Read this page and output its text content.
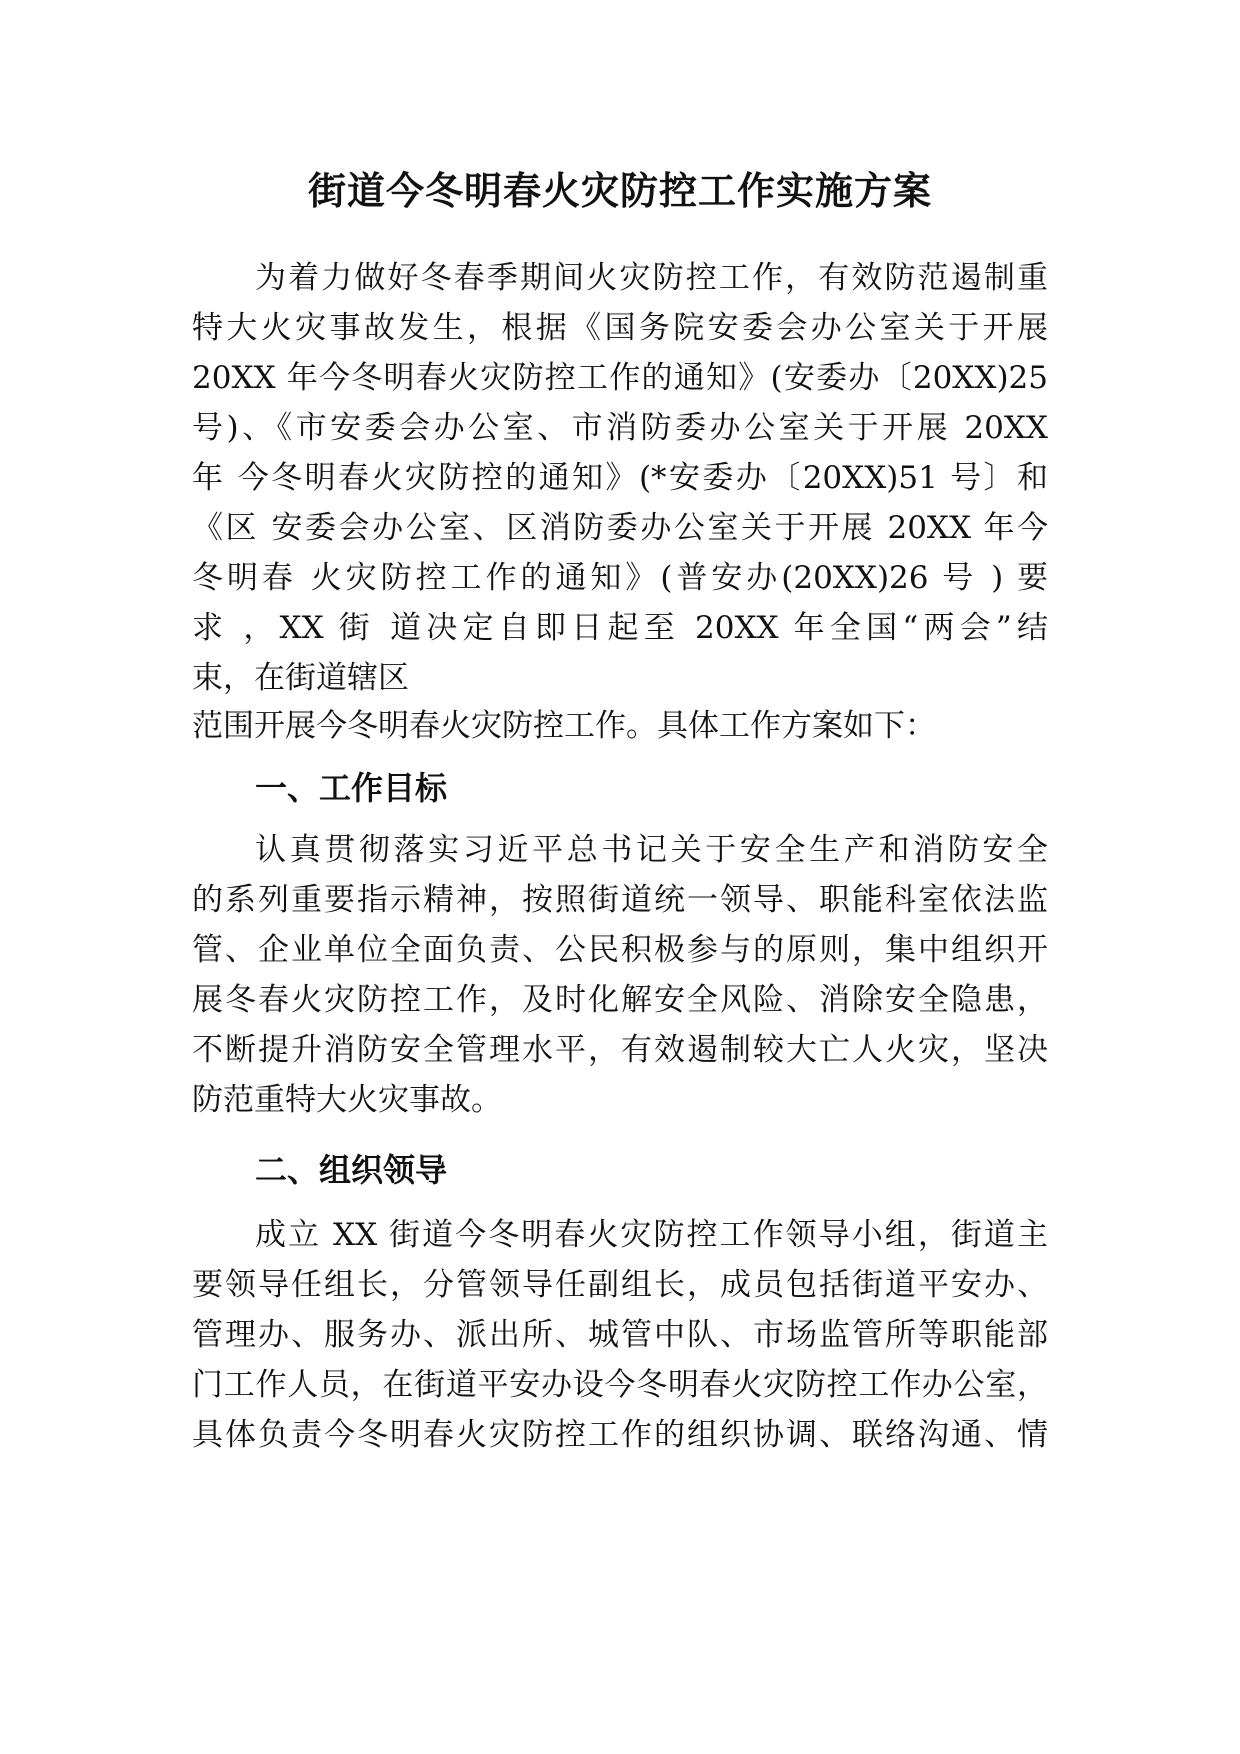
街道今冬明春火灾防控工作实施方案
为着力做好冬春季期间火灾防控工作，有效防范遏制重
特大火灾事故发生，根据《国务院安委会办公室关于开展
20XX 年今冬明春火灾防控工作的通知》(安委办〔20XX)25
号)、《市安委会办公室、市消防委办公室关于开展 20XX
年 今冬明春火灾防控的通知》(*安委办〔20XX)51 号〕和
《区 安委会办公室、区消防委办公室关于开展 20XX 年今
冬明春 火灾防控工作的通知》(普安办(20XX)26 号 ) 要
求 ，XX 街 道决定自即日起至 20XX 年全国“两会”结
束，在街道辖区
范围开展今冬明春火灾防控工作。具体工作方案如下：
一、工作目标
认真贯彻落实习近平总书记关于安全生产和消防安全
的系列重要指示精神，按照街道统一领导、职能科室依法监
管、企业单位全面负责、公民积极参与的原则，集中组织开
展冬春火灾防控工作，及时化解安全风险、消除安全隐患，
不断提升消防安全管理水平，有效遏制较大亡人火灾，坚决
防范重特大火灾事故。
二、组织领导
成立 XX 街道今冬明春火灾防控工作领导小组，街道主
要领导任组长，分管领导任副组长，成员包括街道平安办、
管理办、服务办、派出所、城管中队、市场监管所等职能部
门工作人员，在街道平安办设今冬明春火灾防控工作办公室，
具体负责今冬明春火灾防控工作的组织协调、联络沟通、情
